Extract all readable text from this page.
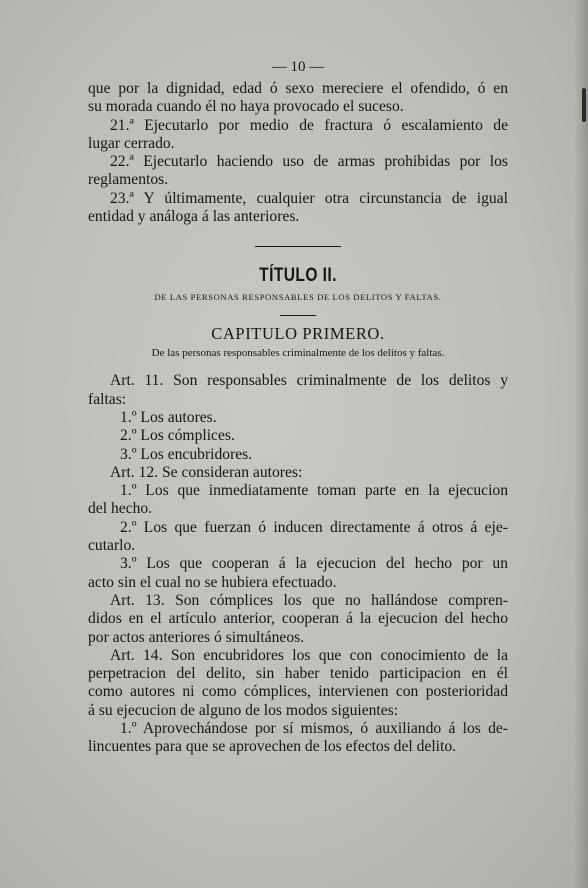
— 10 —
que por la dignidad, edad ó sexo mereciere el ofendido, ó en
su morada cuando él no haya provocado el suceso.
21.ª Ejecutarlo por medio de fractura ó escalamiento de
lugar cerrado.
22.ª Ejecutarlo haciendo uso de armas prohibidas por los
reglamentos.
23.ª Y últimamente, cualquier otra circunstancia de igual
entidad y análoga á las anteriores.
TÍTULO II.
DE LAS PERSONAS RESPONSABLES DE LOS DELITOS Y FALTAS.
CAPITULO PRIMERO.
De las personas responsables criminalmente de los delitos y faltas.
Art. 11. Son responsables criminalmente de los delitos y
faltas:
1.º Los autores.
2.º Los cómplices.
3.º Los encubridores.
Art. 12. Se consideran autores:
1.º Los que inmediatamente toman parte en la ejecucion
del hecho.
2.º Los que fuerzan ó inducen directamente á otros á eje-
cutarlo.
3.º Los que cooperan á la ejecucion del hecho por un
acto sin el cual no se hubiera efectuado.
Art. 13. Son cómplices los que no hallándose compren-
didos en el artículo anterior, cooperan á la ejecucion del hecho
por actos anteriores ó simultáneos.
Art. 14. Son encubridores los que con conocimiento de la
perpetracion del delito, sin haber tenido participacion en él
como autores ni como cómplices, intervienen con posterioridad
á su ejecucion de alguno de los modos siguientes:
1.º Aprovechándose por sí mismos, ó auxiliando á los de-
lincuentes para que se aprovechen de los efectos del delito.
